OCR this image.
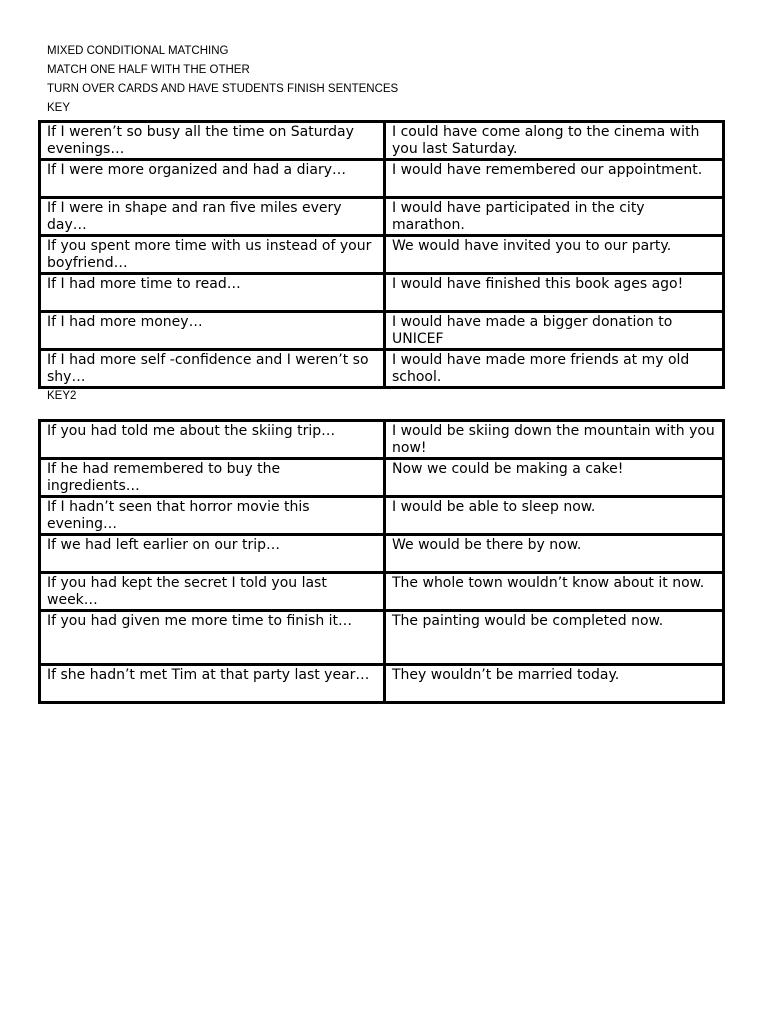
MIXED CONDITIONAL MATCHING
MATCH ONE HALF WITH THE OTHER
TURN OVER CARDS AND HAVE STUDENTS FINISH SENTENCES
KEY
If I weren’t so busy all the time on Saturday evenings…	I could have come along to the cinema with you last Saturday.
If I were more organized and had a diary…	I would have remembered our appointment.
If I were in shape and ran five miles every day…	I would have participated in the city marathon.
If you spent more time with us instead of your boyfriend…	We would have invited you to our party.
If I had more time to read…	I would have finished this book ages ago!
If I had more money…	I would have made a bigger donation to UNICEF
If I had more self -confidence and I weren’t so shy…	I would have made more friends at my old school.
KEY2
If you had told me about the skiing trip…	I would be skiing down the mountain with you now!
If he had remembered to buy the ingredients…	Now we could be making a cake!
If I hadn’t seen that horror movie this evening…	I would be able to sleep now.
If we had left earlier on our trip…	We would be there by now.
If you had kept the secret I told you last week…	The whole town wouldn’t know about it now.
If you had given me more time to finish it…	The painting would be completed now.
If she hadn’t met Tim at that party last year…	They wouldn’t be married today.
